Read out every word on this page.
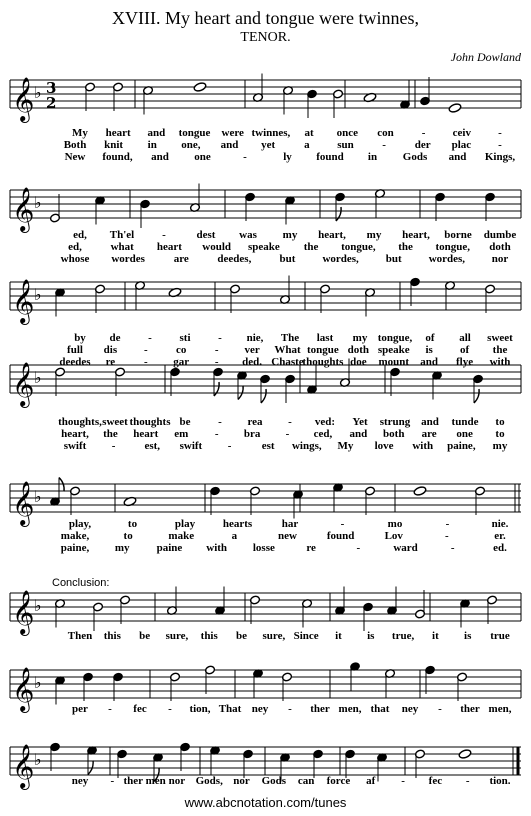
XVIII. My heart and tongue were twinnes,
TENOR.
John Dowland
Conclusion:
www.abcnotation.com/tunes
𝄞 ♭ 3
2
My heart and tongue were twinnes, at once con	- ceiv -
Both knit in one, and yet	a	sun	-	der plac -
New found, and one	-	ly found in Gods and Kings,
𝄞 ♭
ed, Th'el	-	dest was my heart, my heart, borne dumbe
ed,	what heart would speake the tongue, the tongue, doth
whose wordes	are	deedes,	but wordes, but wordes, nor
𝄞 ♭
by de	-	sti	- nie, The last my tongue, of all sweet
full dis -	co	- ver What tongue doth speake is of the
deedes re	- gar - ded. Chaste
thoughts doe mount and flye with
𝄞 ♭
thoughts, sweet thoughts be	- rea - ved: Yet strung and tunde to
heart, the heart em - bra - ced, and both are one to
swift -	est, swift -	est wings, My love with paine, my
𝄞 ♭
play,	to	play	hearts	har	-	mo	-	nie.
make,	to	make	a	new	found	Lov	-	er.
paine, my paine with losse	re	-	ward	-	ed.
𝄞 ♭
Then this be sure, this be sure, Since it is true, it is true
𝄞 ♭
per - fec - tion, That ney - ther men, that ney - ther men,
𝄞 ♭
ney - ther men nor Gods, nor Gods can force af - fec - tion.
